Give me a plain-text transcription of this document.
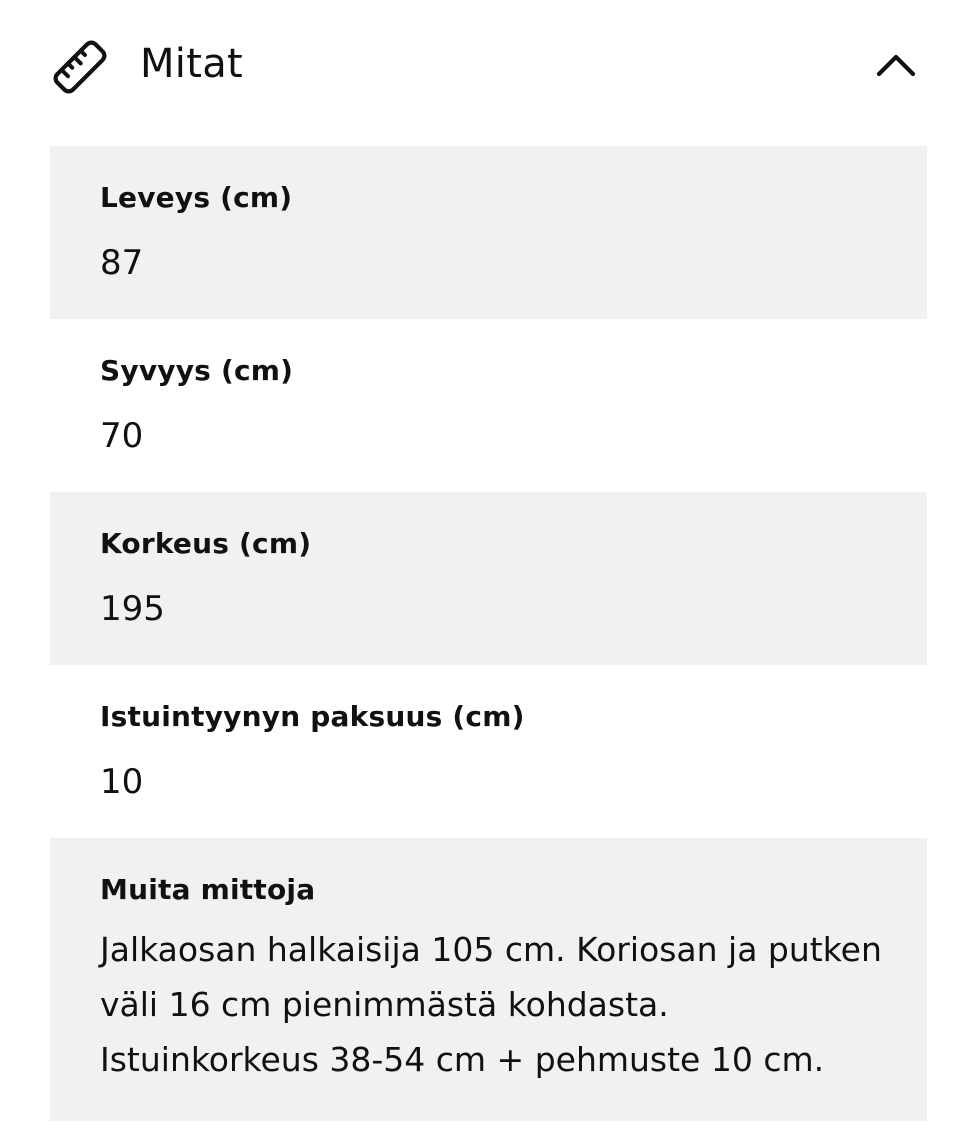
Mitat
Leveys (cm)
87
Syvyys (cm)
70
Korkeus (cm)
195
Istuintyynyn paksuus (cm)
10
Muita mittoja
Jalkaosan halkaisija 105 cm. Koriosan ja putken väli 16 cm pienimmästä kohdasta. Istuinkorkeus 38-54 cm + pehmuste 10 cm.
